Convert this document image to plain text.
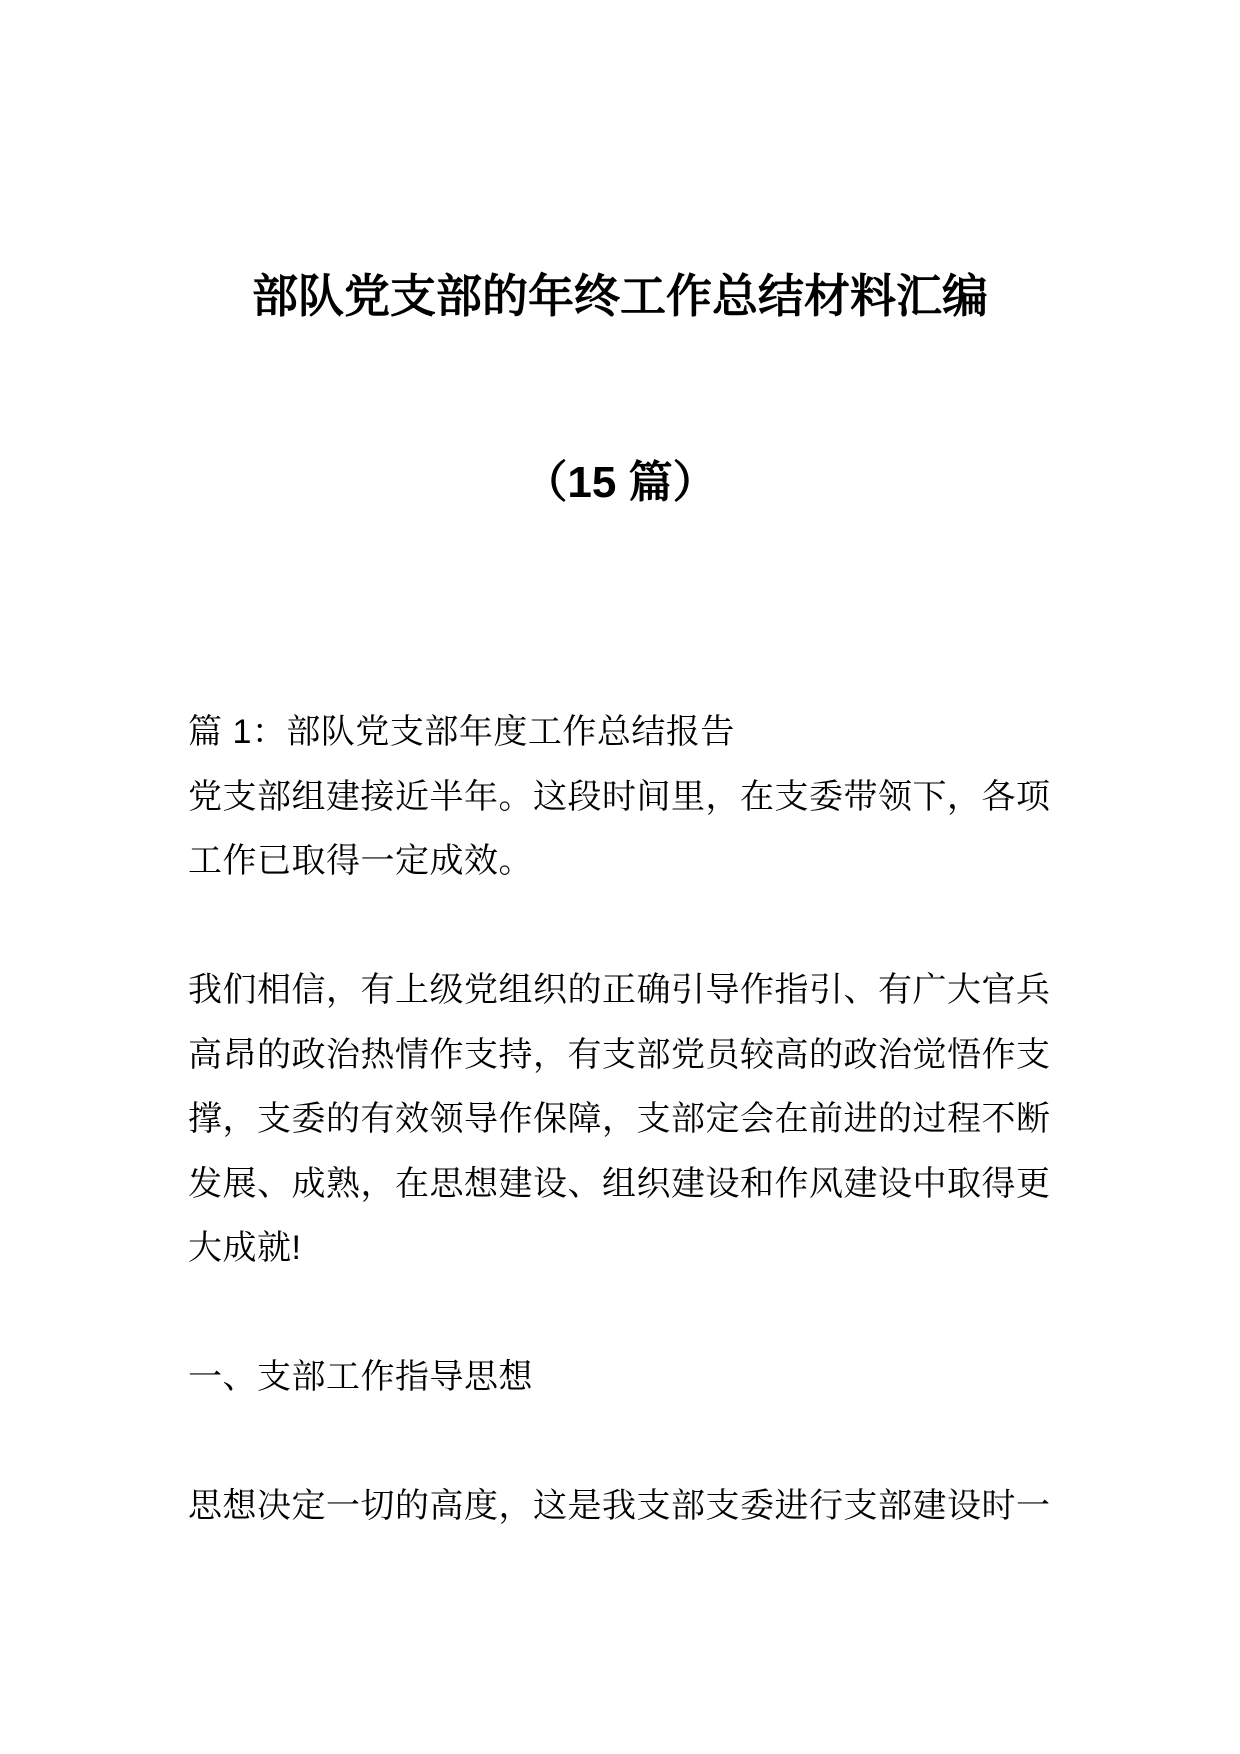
部队党支部的年终工作总结材料汇编
（15 篇）
篇 1：部队党支部年度工作总结报告
党支部组建接近半年。这段时间里，在支委带领下，各项
工作已取得一定成效。
我们相信，有上级党组织的正确引导作指引、有广大官兵
高昂的政治热情作支持，有支部党员较高的政治觉悟作支
撑，支委的有效领导作保障，支部定会在前进的过程不断
发展、成熟，在思想建设、组织建设和作风建设中取得更
大成就!
一、支部工作指导思想
思想决定一切的高度，这是我支部支委进行支部建设时一
